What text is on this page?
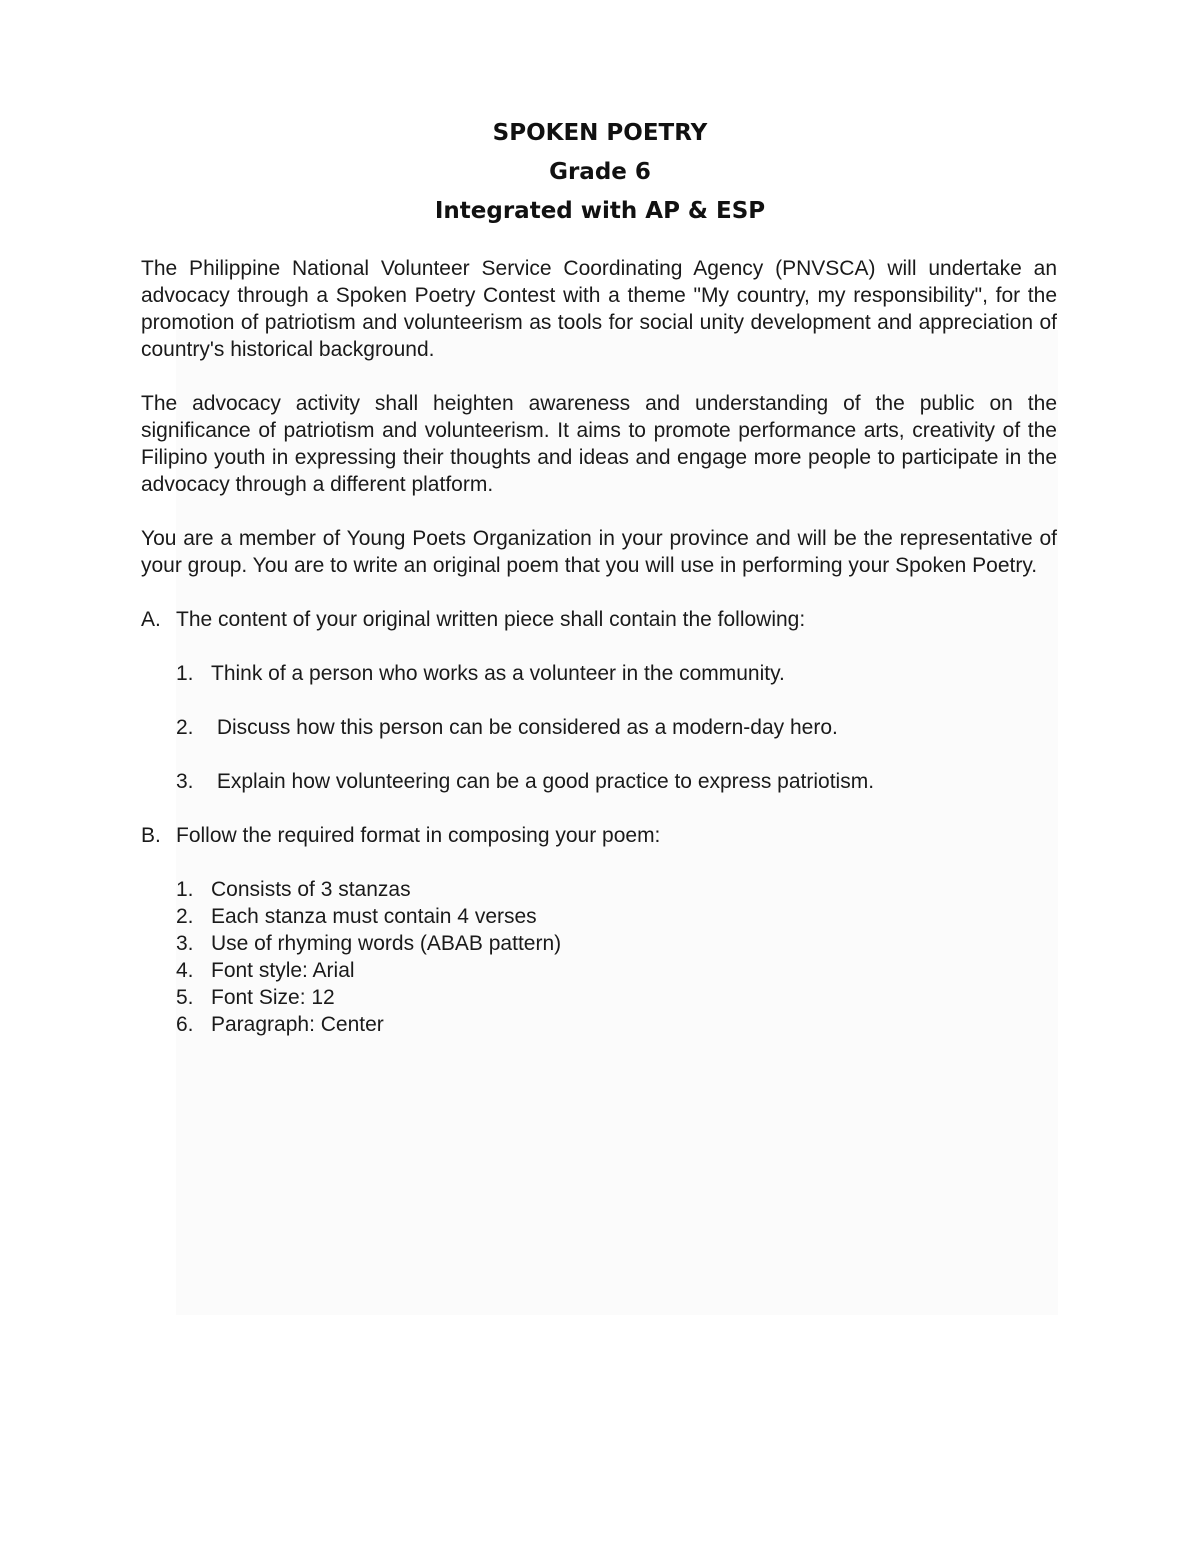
SPOKEN POETRY
Grade 6
Integrated with AP & ESP

The Philippine National Volunteer Service Coordinating Agency (PNVSCA) will undertake an advocacy through a Spoken Poetry Contest with a theme "My country, my responsibility", for the promotion of patriotism and volunteerism as tools for social unity development and appreciation of country's historical background.

The advocacy activity shall heighten awareness and understanding of the public on the significance of patriotism and volunteerism. It aims to promote performance arts, creativity of the Filipino youth in expressing their thoughts and ideas and engage more people to participate in the advocacy through a different platform.

You are a member of Young Poets Organization in your province and will be the representative of your group. You are to write an original poem that you will use in performing your Spoken Poetry.

A. The content of your original written piece shall contain the following:
1. Think of a person who works as a volunteer in the community.
2. Discuss how this person can be considered as a modern-day hero.
3. Explain how volunteering can be a good practice to express patriotism.
B. Follow the required format in composing your poem:
1. Consists of 3 stanzas
2. Each stanza must contain 4 verses
3. Use of rhyming words (ABAB pattern)
4. Font style: Arial
5. Font Size: 12
6. Paragraph: Center
